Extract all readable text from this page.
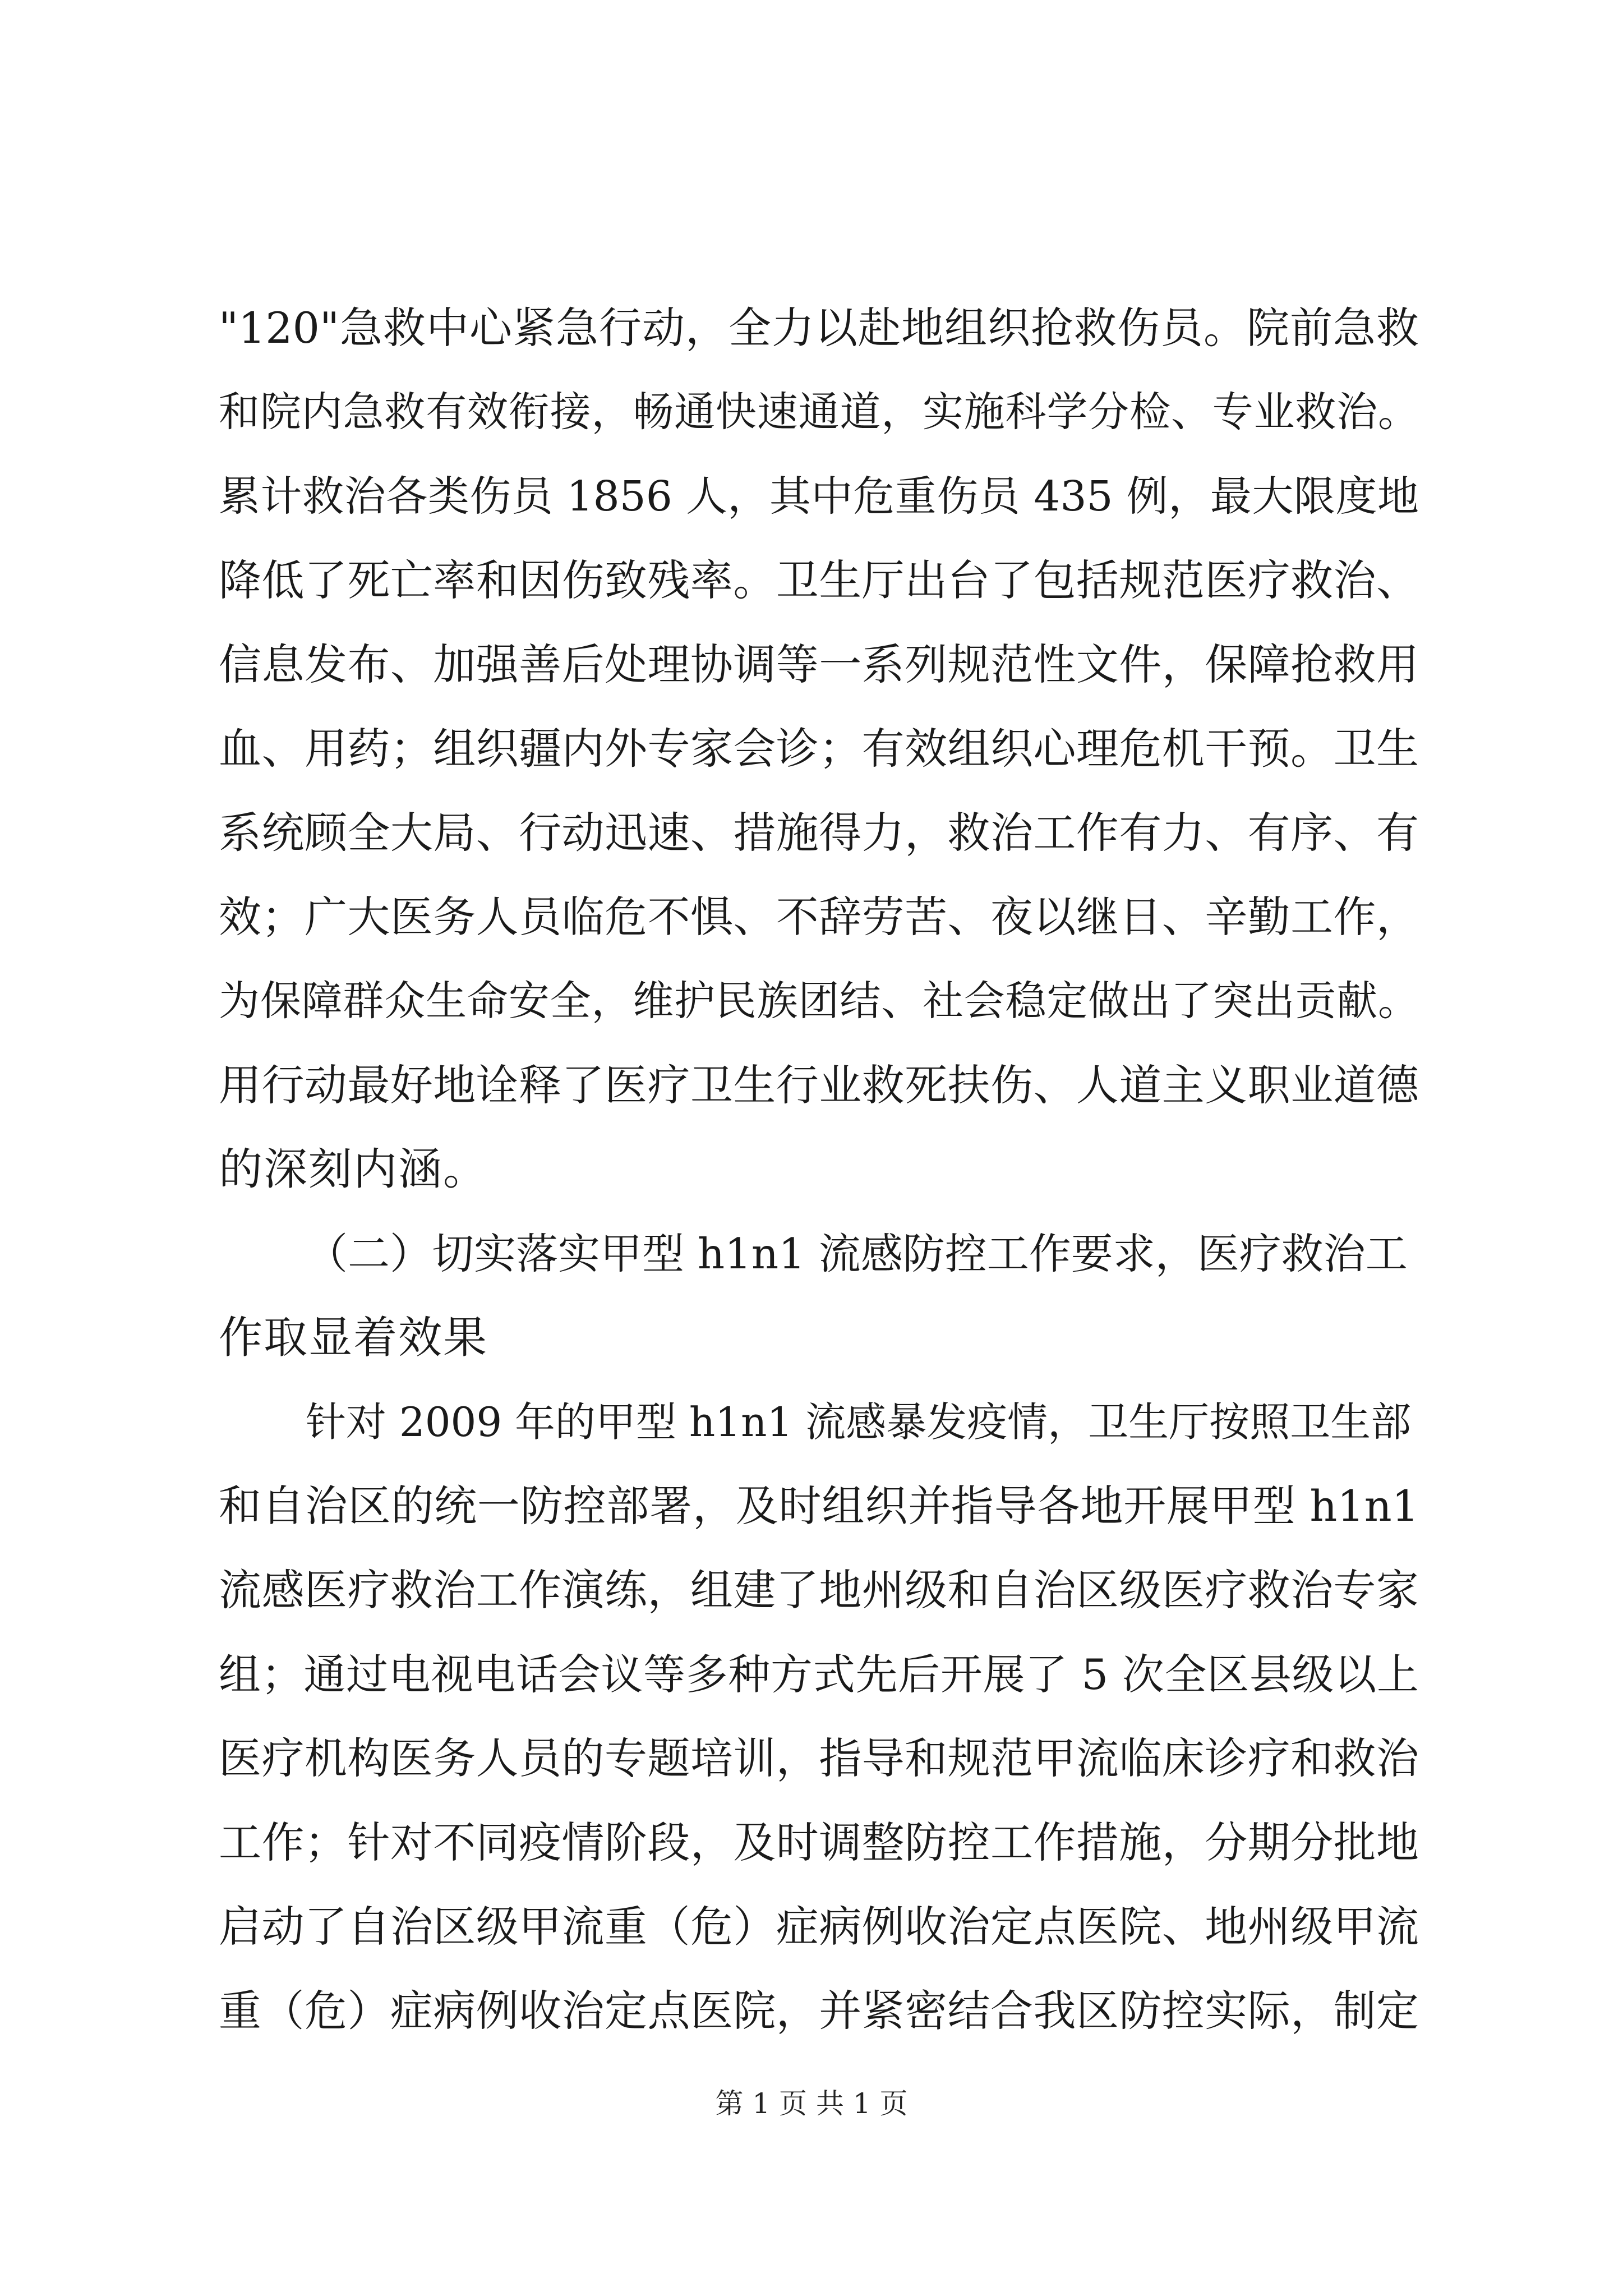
"120"急救中心紧急行动，全力以赴地组织抢救伤员。院前急救
和院内急救有效衔接，畅通快速通道，实施科学分检、专业救治。
累计救治各类伤员 1856 人，其中危重伤员 435 例，最大限度地
降低了死亡率和因伤致残率。卫生厅出台了包括规范医疗救治、
信息发布、加强善后处理协调等一系列规范性文件，保障抢救用
血、用药；组织疆内外专家会诊；有效组织心理危机干预。卫生
系统顾全大局、行动迅速、措施得力，救治工作有力、有序、有
效；广大医务人员临危不惧、不辞劳苦、夜以继日、辛勤工作，
为保障群众生命安全，维护民族团结、社会稳定做出了突出贡献。
用行动最好地诠释了医疗卫生行业救死扶伤、人道主义职业道德
的深刻内涵。
（二）切实落实甲型 h1n1 流感防控工作要求，医疗救治工
作取显着效果
针对 2009 年的甲型 h1n1 流感暴发疫情，卫生厅按照卫生部
和自治区的统一防控部署，及时组织并指导各地开展甲型 h1n1
流感医疗救治工作演练，组建了地州级和自治区级医疗救治专家
组；通过电视电话会议等多种方式先后开展了 5 次全区县级以上
医疗机构医务人员的专题培训，指导和规范甲流临床诊疗和救治
工作；针对不同疫情阶段，及时调整防控工作措施，分期分批地
启动了自治区级甲流重（危）症病例收治定点医院、地州级甲流
重（危）症病例收治定点医院，并紧密结合我区防控实际，制定
第 1 页 共 1 页
